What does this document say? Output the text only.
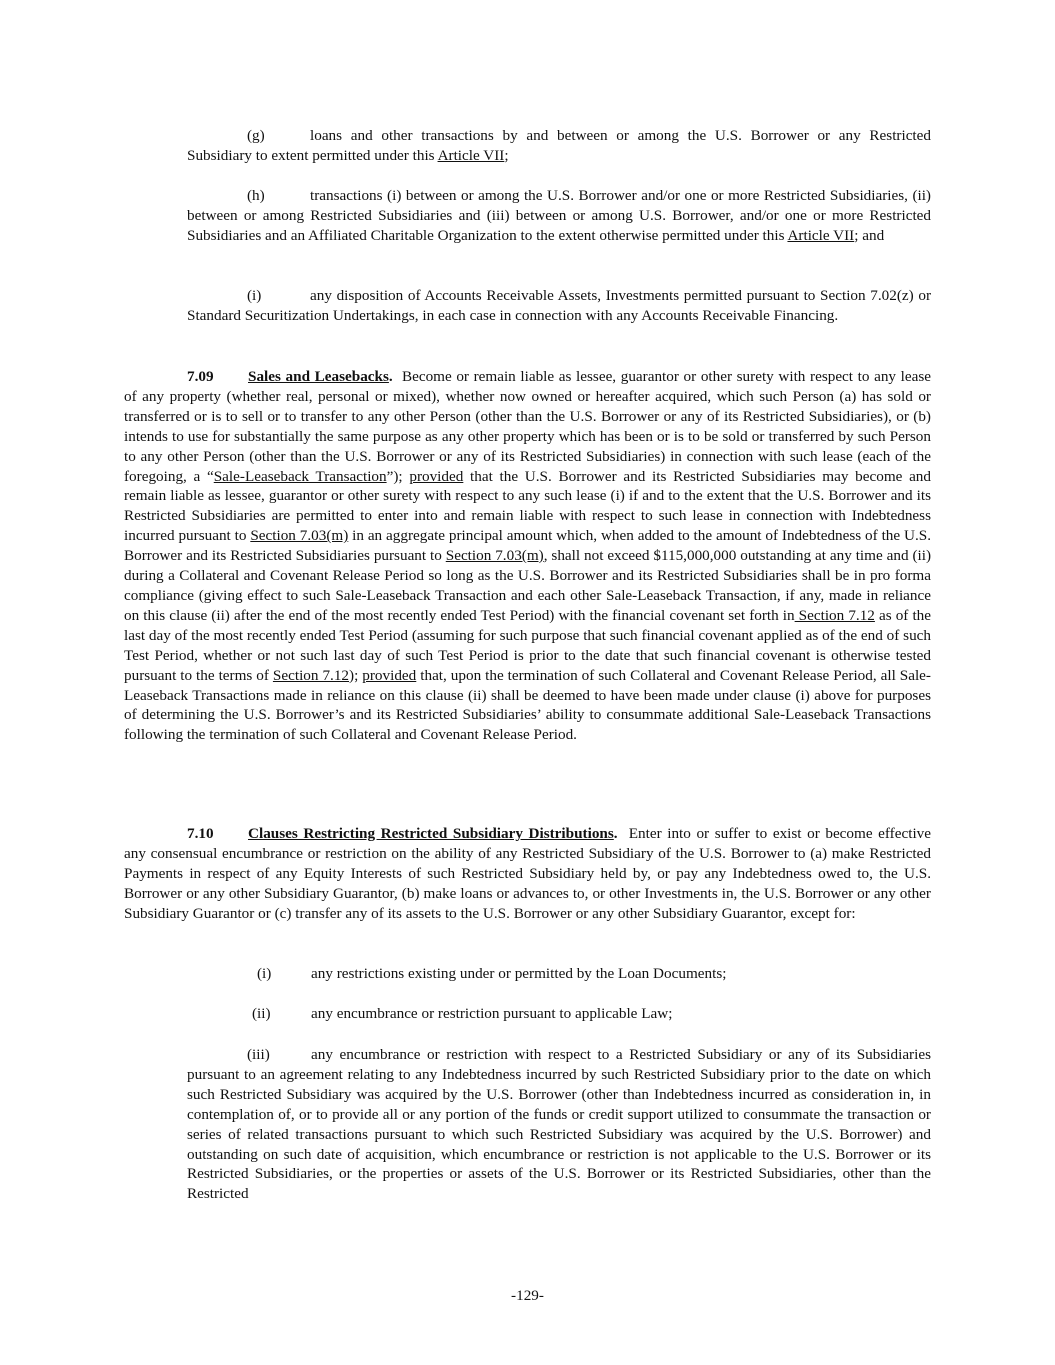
(g)	loans and other transactions by and between or among the U.S. Borrower or any Restricted Subsidiary to extent permitted under this Article VII;

(h)	transactions (i) between or among the U.S. Borrower and/or one or more Restricted Subsidiaries, (ii) between or among Restricted Subsidiaries and (iii) between or among U.S. Borrower, and/or one or more Restricted Subsidiaries and an Affiliated Charitable Organization to the extent otherwise permitted under this Article VII; and

(i)	any disposition of Accounts Receivable Assets, Investments permitted pursuant to Section 7.02(z) or Standard Securitization Undertakings, in each case in connection with any Accounts Receivable Financing.

7.09 Sales and Leasebacks. Become or remain liable as lessee, guarantor or other surety with respect to any lease of any property (whether real, personal or mixed), whether now owned or hereafter acquired, which such Person (a) has sold or transferred or is to sell or to transfer to any other Person (other than the U.S. Borrower or any of its Restricted Subsidiaries), or (b) intends to use for substantially the same purpose as any other property which has been or is to be sold or transferred by such Person to any other Person (other than the U.S. Borrower or any of its Restricted Subsidiaries) in connection with such lease (each of the foregoing, a “Sale-Leaseback Transaction”); provided that the U.S. Borrower and its Restricted Subsidiaries may become and remain liable as lessee, guarantor or other surety with respect to any such lease (i) if and to the extent that the U.S. Borrower and its Restricted Subsidiaries are permitted to enter into and remain liable with respect to such lease in connection with Indebtedness incurred pursuant to Section 7.03(m) in an aggregate principal amount which, when added to the amount of Indebtedness of the U.S. Borrower and its Restricted Subsidiaries pursuant to Section 7.03(m), shall not exceed $115,000,000 outstanding at any time and (ii) during a Collateral and Covenant Release Period so long as the U.S. Borrower and its Restricted Subsidiaries shall be in pro forma compliance (giving effect to such Sale-Leaseback Transaction and each other Sale-Leaseback Transaction, if any, made in reliance on this clause (ii) after the end of the most recently ended Test Period) with the financial covenant set forth in Section 7.12 as of the last day of the most recently ended Test Period (assuming for such purpose that such financial covenant applied as of the end of such Test Period, whether or not such last day of such Test Period is prior to the date that such financial covenant is otherwise tested pursuant to the terms of Section 7.12); provided that, upon the termination of such Collateral and Covenant Release Period, all Sale-Leaseback Transactions made in reliance on this clause (ii) shall be deemed to have been made under clause (i) above for purposes of determining the U.S. Borrower’s and its Restricted Subsidiaries’ ability to consummate additional Sale-Leaseback Transactions following the termination of such Collateral and Covenant Release Period.

7.10 Clauses Restricting Restricted Subsidiary Distributions. Enter into or suffer to exist or become effective any consensual encumbrance or restriction on the ability of any Restricted Subsidiary of the U.S. Borrower to (a) make Restricted Payments in respect of any Equity Interests of such Restricted Subsidiary held by, or pay any Indebtedness owed to, the U.S. Borrower or any other Subsidiary Guarantor, (b) make loans or advances to, or other Investments in, the U.S. Borrower or any other Subsidiary Guarantor or (c) transfer any of its assets to the U.S. Borrower or any other Subsidiary Guarantor, except for:

(i)	any restrictions existing under or permitted by the Loan Documents;

(ii)	any encumbrance or restriction pursuant to applicable Law;

(iii)	any encumbrance or restriction with respect to a Restricted Subsidiary or any of its Subsidiaries pursuant to an agreement relating to any Indebtedness incurred by such Restricted Subsidiary prior to the date on which such Restricted Subsidiary was acquired by the U.S. Borrower (other than Indebtedness incurred as consideration in, in contemplation of, or to provide all or any portion of the funds or credit support utilized to consummate the transaction or series of related transactions pursuant to which such Restricted Subsidiary was acquired by the U.S. Borrower) and outstanding on such date of acquisition, which encumbrance or restriction is not applicable to the U.S. Borrower or its Restricted Subsidiaries, or the properties or assets of the U.S. Borrower or its Restricted Subsidiaries, other than the Restricted

-129-
